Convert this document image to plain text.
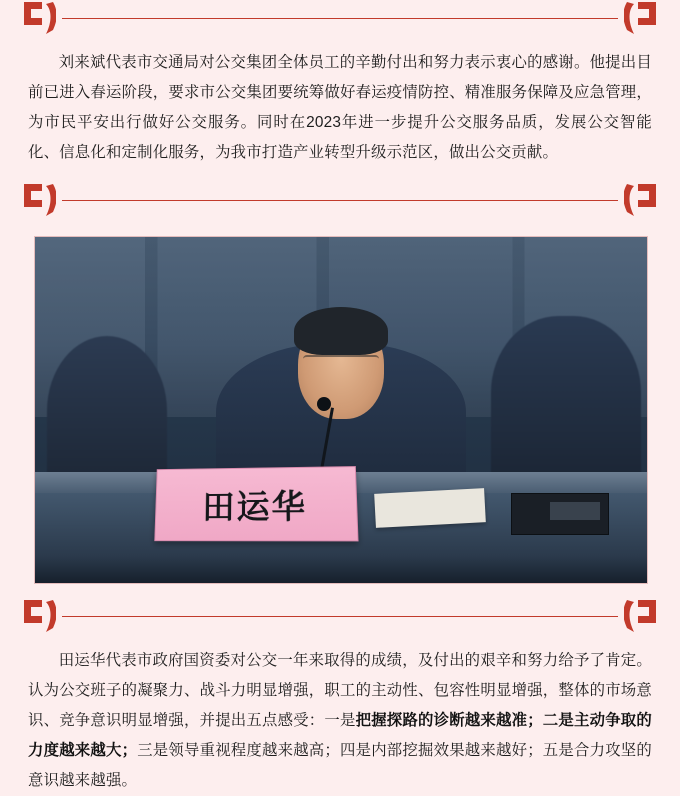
刘来斌代表市交通局对公交集团全体员工的辛勤付出和努力表示衷心的感谢。他提出目前已进入春运阶段，要求市公交集团要统筹做好春运疫情防控、精准服务保障及应急管理，为市民平安出行做好公交服务。同时在2023年进一步提升公交服务品质，发展公交智能化、信息化和定制化服务，为我市打造产业转型升级示范区，做出公交贡献。

田运华

田运华代表市政府国资委对公交一年来取得的成绩，及付出的艰辛和努力给予了肯定。认为公交班子的凝聚力、战斗力明显增强，职工的主动性、包容性明显增强，整体的市场意识、竞争意识明显增强，并提出五点感受：一是把握探路的诊断越来越准；二是主动争取的力度越来越大；三是领导重视程度越来越高；四是内部挖掘效果越来越好；五是合力攻坚的意识越来越强。
